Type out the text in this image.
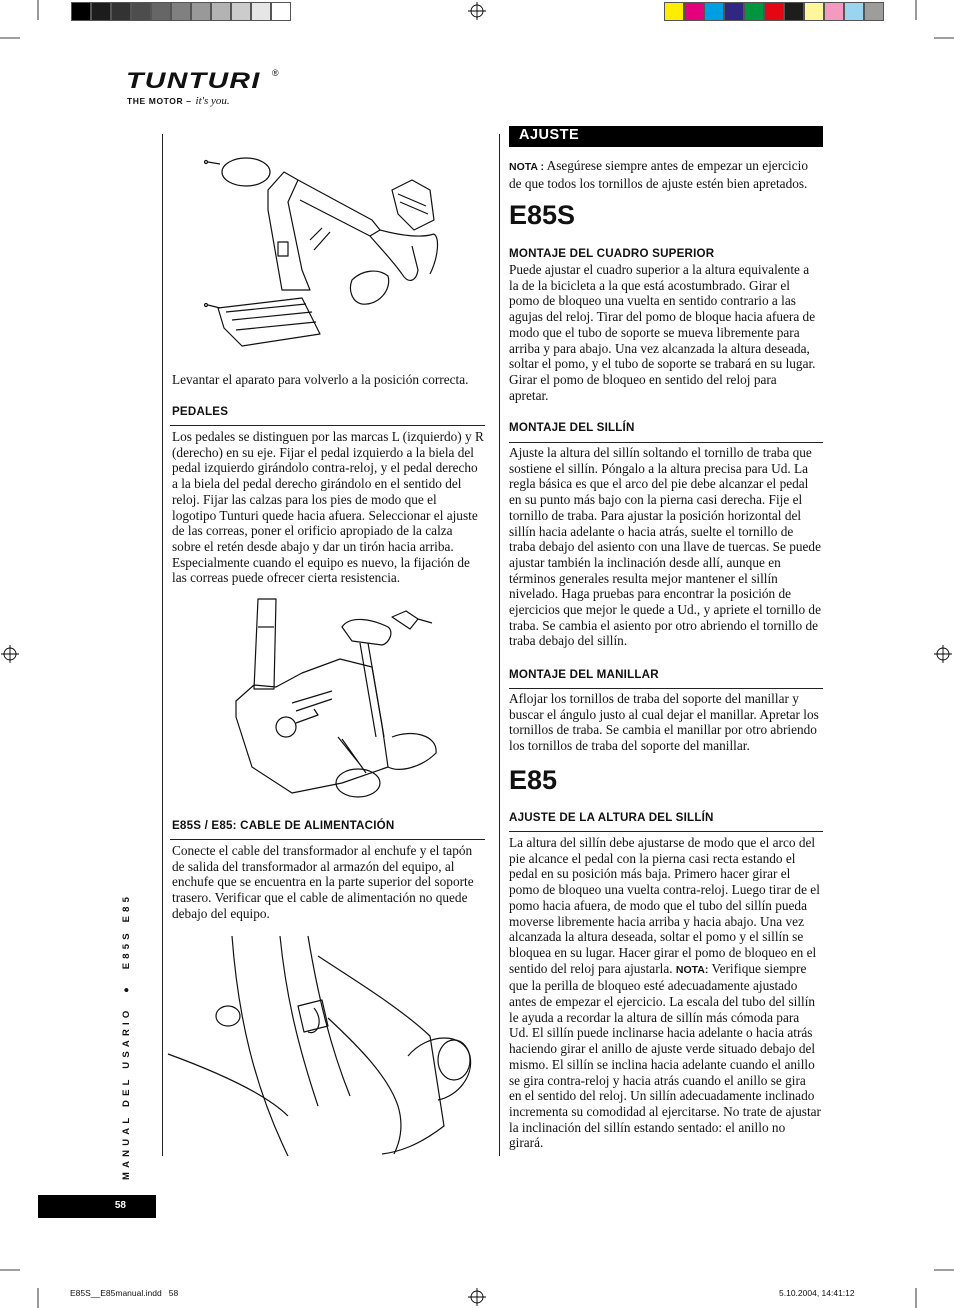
TUNTURI ®
THE MOTOR – it's you.

Levantar el aparato para volverlo a la posición correcta.

PEDALES

Los pedales se distinguen por las marcas L (izquierdo) y R (derecho) en su eje. Fijar el pedal izquierdo a la biela del pedal izquierdo girándolo contra-reloj, y el pedal derecho a la biela del pedal derecho girándolo en el sentido del reloj. Fijar las calzas para los pies de modo que el logotipo Tunturi quede hacia afuera. Seleccionar el ajuste de las correas, poner el orificio apropiado de la calza sobre el retén desde abajo y dar un tirón hacia arriba. Especialmente cuando el equipo es nuevo, la fijación de las correas puede ofrecer cierta resistencia.

E85S / E85: CABLE DE ALIMENTACIÓN

Conecte el cable del transformador al enchufe y el tapón de salida del transformador al armazón del equipo, al enchufe que se encuentra en la parte superior del soporte trasero. Verificar que el cable de alimentación no quede debajo del equipo.

AJUSTE

NOTA : Asegúrese siempre antes de empezar un ejercicio de que todos los tornillos de ajuste estén bien apretados.

E85S

MONTAJE DEL CUADRO SUPERIOR

Puede ajustar el cuadro superior a la altura equivalente a la de la bicicleta a la que está acostumbrado. Girar el pomo de bloqueo una vuelta en sentido contrario a las agujas del reloj. Tirar del pomo de bloque hacia afuera de modo que el tubo de soporte se mueva libremente para arriba y para abajo. Una vez alcanzada la altura deseada, soltar el pomo, y el tubo de soporte se trabará en su lugar. Girar el pomo de bloqueo en sentido del reloj para apretar.

MONTAJE DEL SILLÍN

Ajuste la altura del sillín soltando el tornillo de traba que sostiene el sillín. Póngalo a la altura precisa para Ud. La regla básica es que el arco del pie debe alcanzar el pedal en su punto más bajo con la pierna casi derecha. Fije el tornillo de traba. Para ajustar la posición horizontal del sillín hacia adelante o hacia atrás, suelte el tornillo de traba debajo del asiento con una llave de tuercas. Se puede ajustar también la inclinación desde allí, aunque en términos generales resulta mejor mantener el sillín nivelado. Haga pruebas para encontrar la posición de ejercicios que mejor le quede a Ud., y apriete el tornillo de traba. Se cambia el asiento por otro abriendo el tornillo de traba debajo del sillín.

MONTAJE DEL MANILLAR

Aflojar los tornillos de traba del soporte del manillar y buscar el ángulo justo al cual dejar el manillar. Apretar los tornillos de traba. Se cambia el manillar por otro abriendo los tornillos de traba del soporte del manillar.

E85

AJUSTE DE LA ALTURA DEL SILLÍN

La altura del sillín debe ajustarse de modo que el arco del pie alcance el pedal con la pierna casi recta estando el pedal en su posición más baja. Primero hacer girar el pomo de bloqueo una vuelta contra-reloj. Luego tirar de el pomo hacia afuera, de modo que el tubo del sillín pueda moverse libremente hacia arriba y hacia abajo. Una vez alcanzada la altura deseada, soltar el pomo y el sillín se bloquea en su lugar. Hacer girar el pomo de bloqueo en el sentido del reloj para ajustarla. NOTA: Verifique siempre que la perilla de bloqueo esté adecuadamente ajustado antes de empezar el ejercicio. La escala del tubo del sillín le ayuda a recordar la altura de sillín más cómoda para Ud. El sillín puede inclinarse hacia adelante o hacia atrás haciendo girar el anillo de ajuste verde situado debajo del mismo. El sillín se inclina hacia adelante cuando el anillo se gira contra-reloj y hacia atrás cuando el anillo se gira en el sentido del reloj. Un sillín adecuadamente inclinado incrementa su comodidad al ejercitarse. No trate de ajustar la inclinación del sillín estando sentado: el anillo no girará.

MANUAL DEL USARIO  ●  E85S E85
58
E85S__E85manual.indd   58	5.10.2004, 14:41:12
